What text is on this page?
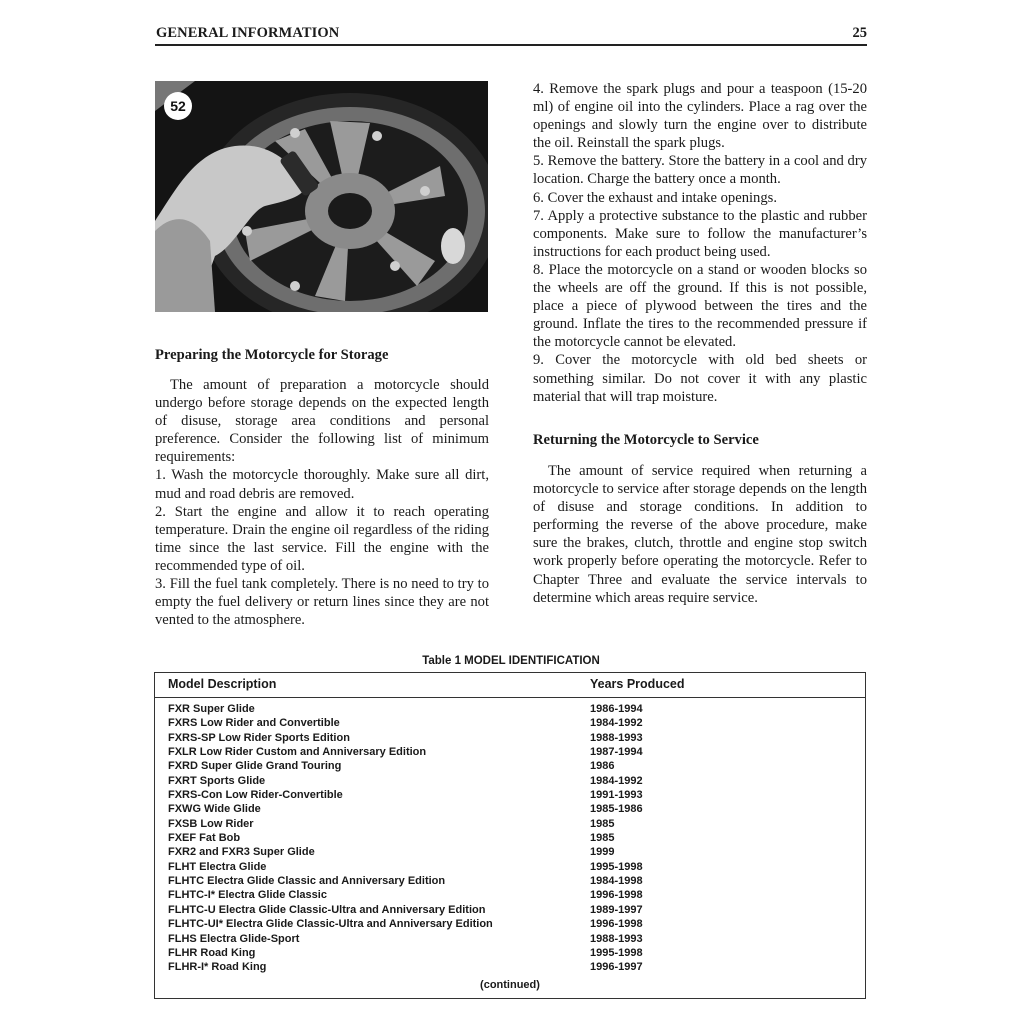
GENERAL INFORMATION	25
52

Preparing the Motorcycle for Storage

The amount of preparation a motorcycle should undergo before storage depends on the expected length of disuse, storage area conditions and personal preference. Consider the following list of minimum requirements:

1. Wash the motorcycle thoroughly. Make sure all dirt, mud and road debris are removed.

2. Start the engine and allow it to reach operating temperature. Drain the engine oil regardless of the riding time since the last service. Fill the engine with the recommended type of oil.

3. Fill the fuel tank completely. There is no need to try to empty the fuel delivery or return lines since they are not vented to the atmosphere.

4. Remove the spark plugs and pour a teaspoon (15-20 ml) of engine oil into the cylinders. Place a rag over the openings and slowly turn the engine over to distribute the oil. Reinstall the spark plugs.

5. Remove the battery. Store the battery in a cool and dry location. Charge the battery once a month.

6. Cover the exhaust and intake openings.

7. Apply a protective substance to the plastic and rubber components. Make sure to follow the manufacturer’s instructions for each product being used.

8. Place the motorcycle on a stand or wooden blocks so the wheels are off the ground. If this is not possible, place a piece of plywood between the tires and the ground. Inflate the tires to the recommended pressure if the motorcycle cannot be elevated.

9. Cover the motorcycle with old bed sheets or something similar. Do not cover it with any plastic material that will trap moisture.

Returning the Motorcycle to Service

The amount of service required when returning a motorcycle to service after storage depends on the length of disuse and storage conditions. In addition to performing the reverse of the above procedure, make sure the brakes, clutch, throttle and engine stop switch work properly before operating the motorcycle. Refer to Chapter Three and evaluate the service intervals to determine which areas require service.

Table 1 MODEL IDENTIFICATION
Model Description	Years Produced
FXR Super Glide	1986-1994
FXRS Low Rider and Convertible	1984-1992
FXRS-SP Low Rider Sports Edition	1988-1993
FXLR Low Rider Custom and Anniversary Edition	1987-1994
FXRD Super Glide Grand Touring	1986
FXRT Sports Glide	1984-1992
FXRS-Con Low Rider-Convertible	1991-1993
FXWG Wide Glide	1985-1986
FXSB Low Rider	1985
FXEF Fat Bob	1985
FXR2 and FXR3 Super Glide	1999
FLHT Electra Glide	1995-1998
FLHTC Electra Glide Classic and Anniversary Edition	1984-1998
FLHTC-I* Electra Glide Classic	1996-1998
FLHTC-U Electra Glide Classic-Ultra and Anniversary Edition	1989-1997
FLHTC-UI* Electra Glide Classic-Ultra and Anniversary Edition	1996-1998
FLHS Electra Glide-Sport	1988-1993
FLHR Road King	1995-1998
FLHR-I* Road King	1996-1997
(continued)
